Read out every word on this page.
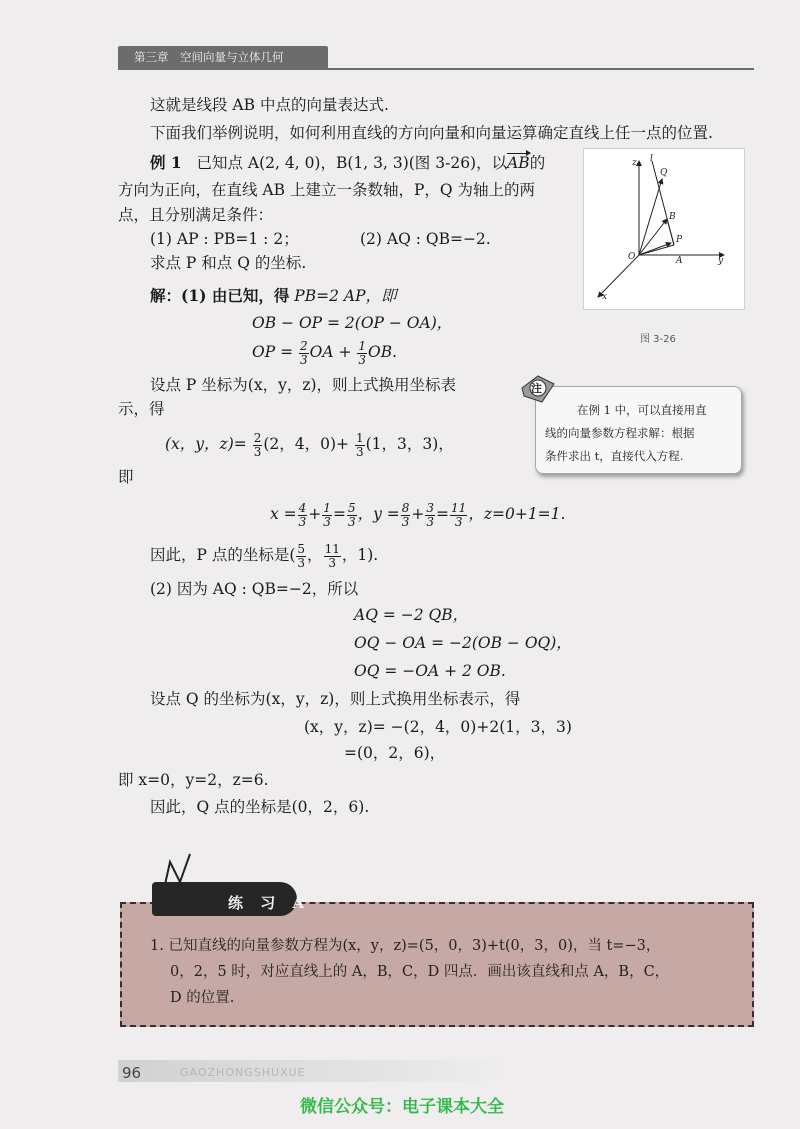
第三章　空间向量与立体几何
这就是线段 AB 中点的向量表达式.
下面我们举例说明，如何利用直线的方向向量和向量运算确定直线上任一点的位置.
例 1 已知点 A(2, 4, 0)，B(1, 3, 3)(图 3-26)，以AB的
方向为正向，在直线 AB 上建立一条数轴，P，Q 为轴上的两
点，且分别满足条件：
(1) AP : PB=1 : 2；	(2) AQ : QB=−2.
求点 P 和点 Q 的坐标.
解：(1) 由已知，得 PB=2 AP，即
OB − OP = 2(OP − OA)，
OP = $\frac{2}{3}$ OA + $\frac{1}{3}$ OB.
设点 P 坐标为(x，y，z)，则上式换用坐标表
示，得
(x，y，$z)= \frac{2}{3} (2$，4，$0)+ \frac{1}{3} (1$，3，3)，
即
$x = \frac{4}{3} + \frac{1}{3} = \frac{5}{3}$ ，$y = \frac{8}{3} + \frac{3}{3} = \frac{11}{3}$ ，z=0+1=1.
因此，P 点的坐标是( $\frac{5}{3}$ ， $\frac{11}{3}$ ，1).
(2) 因为 AQ : QB=−2，所以
AQ = −2 QB，
OQ − OA = −2(OB − OQ)，
OQ = −OA + 2 OB.
设点 Q 的坐标为(x，y，z)，则上式换用坐标表示，得
(x，y，z)= −(2，4，0)+2(1，3，3)
=(0，2，6)，
即 x=0，y=2，z=6.
因此，Q 点的坐标是(0，2，6).
z l
Q
B
P
O	A	y
x
图 3-26
注
在例 1 中，可以直接用直
线的向量参数方程求解：根据
条件求出 t，直接代入方程.
练 习 A
1. 已知直线的向量参数方程为(x，y，z)=(5，0，3)+t(0，3，0)，当 t=−3，
0，2，5 时，对应直线上的 A，B，C，D 四点．画出该直线和点 A，B，C，
D 的位置.
96	GAOZHONGSHUXUE
微信公众号：电子课本大全
